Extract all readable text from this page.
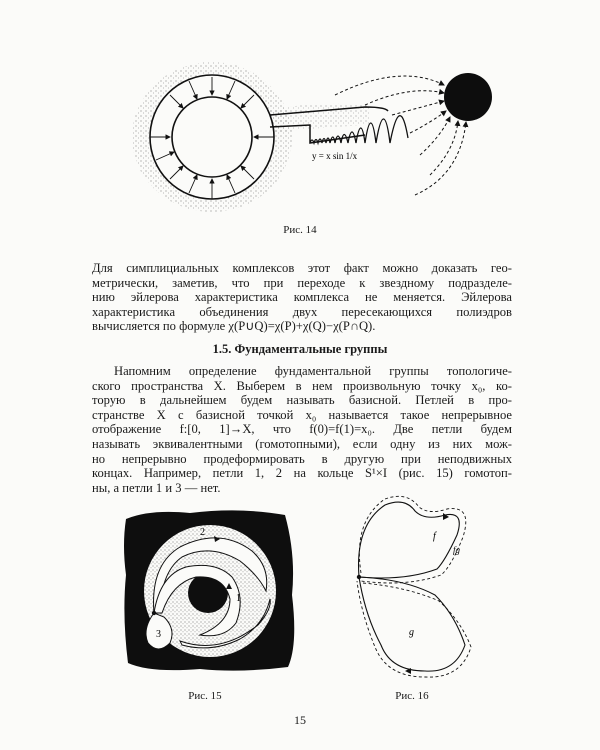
y = x sin 1/x
Рис. 14
Для симплициальных комплексов этот факт можно доказать гео-
метрически, заметив, что при переходе к звездному подразделе-
нию эйлерова характеристика комплекса не меняется. Эйлерова
характеристика объединения двух пересекающихся полиэдров
вычисляется по формуле χ(P∪Q)=χ(P)+χ(Q)−χ(P∩Q).
1.5. Фундаментальные группы
Напомним определение фундаментальной группы топологиче-
ского пространства X. Выберем в нем произвольную точку x₀, ко-
торую в дальнейшем будем называть базисной. Петлей в про-
странстве X с базисной точкой x₀ называется такое непрерывное
отображение f:[0, 1]→X, что f(0)=f(1)=x₀. Две петли будем
называть эквивалентными (гомотопными), если одну из них мож-
но непрерывно продеформировать в другую при неподвижных
концах. Например, петли 1, 2 на кольце S¹×I (рис. 15) гомотоп-
ны, а петли 1 и 3 — нет.
2
1
3
Рис. 15
f
fg
g
Рис. 16
15
